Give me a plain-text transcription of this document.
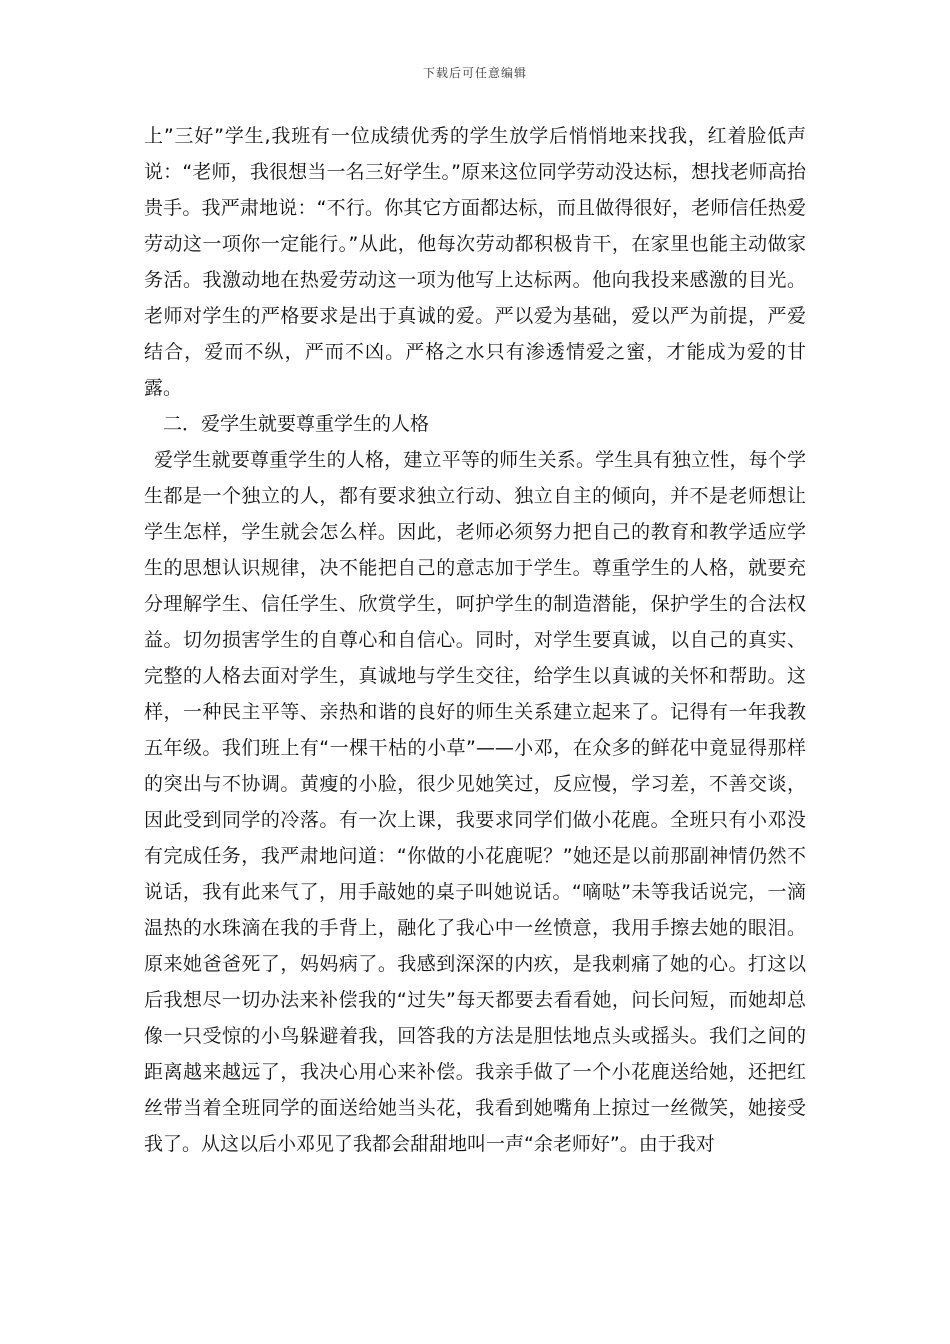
下载后可任意编辑

上”三好”学生,我班有一位成绩优秀的学生放学后悄悄地来找我，红着脸低声说：“老师，我很想当一名三好学生。”原来这位同学劳动没达标，想找老师高抬贵手。我严肃地说：“不行。你其它方面都达标，而且做得很好，老师信任热爱劳动这一项你一定能行。”从此，他每次劳动都积极肯干，在家里也能主动做家务活。我激动地在热爱劳动这一项为他写上达标两。他向我投来感激的目光。老师对学生的严格要求是出于真诚的爱。严以爱为基础，爱以严为前提，严爱结合，爱而不纵，严而不凶。严格之水只有渗透情爱之蜜，才能成为爱的甘露。

二．爱学生就要尊重学生的人格

爱学生就要尊重学生的人格，建立平等的师生关系。学生具有独立性，每个学生都是一个独立的人，都有要求独立行动、独立自主的倾向，并不是老师想让学生怎样，学生就会怎么样。因此，老师必须努力把自己的教育和教学适应学生的思想认识规律，决不能把自己的意志加于学生。尊重学生的人格，就要充分理解学生、信任学生、欣赏学生，呵护学生的制造潜能，保护学生的合法权益。切勿损害学生的自尊心和自信心。同时，对学生要真诚，以自己的真实、完整的人格去面对学生，真诚地与学生交往，给学生以真诚的关怀和帮助。这样，一种民主平等、亲热和谐的良好的师生关系建立起来了。记得有一年我教五年级。我们班上有“一棵干枯的小草”——小邓，在众多的鲜花中竟显得那样的突出与不协调。黄瘦的小脸，很少见她笑过，反应慢，学习差，不善交谈，因此受到同学的冷落。有一次上课，我要求同学们做小花鹿。全班只有小邓没有完成任务，我严肃地问道：“你做的小花鹿呢？”她还是以前那副神情仍然不说话，我有此来气了，用手敲她的桌子叫她说话。“嘀哒”未等我话说完，一滴温热的水珠滴在我的手背上，融化了我心中一丝愤意，我用手擦去她的眼泪。原来她爸爸死了，妈妈病了。我感到深深的内疚，是我刺痛了她的心。打这以后我想尽一切办法来补偿我的“过失”每天都要去看看她，问长问短，而她却总像一只受惊的小鸟躲避着我，回答我的方法是胆怯地点头或摇头。我们之间的距离越来越远了，我决心用心来补偿。我亲手做了一个小花鹿送给她，还把红丝带当着全班同学的面送给她当头花，我看到她嘴角上掠过一丝微笑，她接受我了。从这以后小邓见了我都会甜甜地叫一声“余老师好”。由于我对
